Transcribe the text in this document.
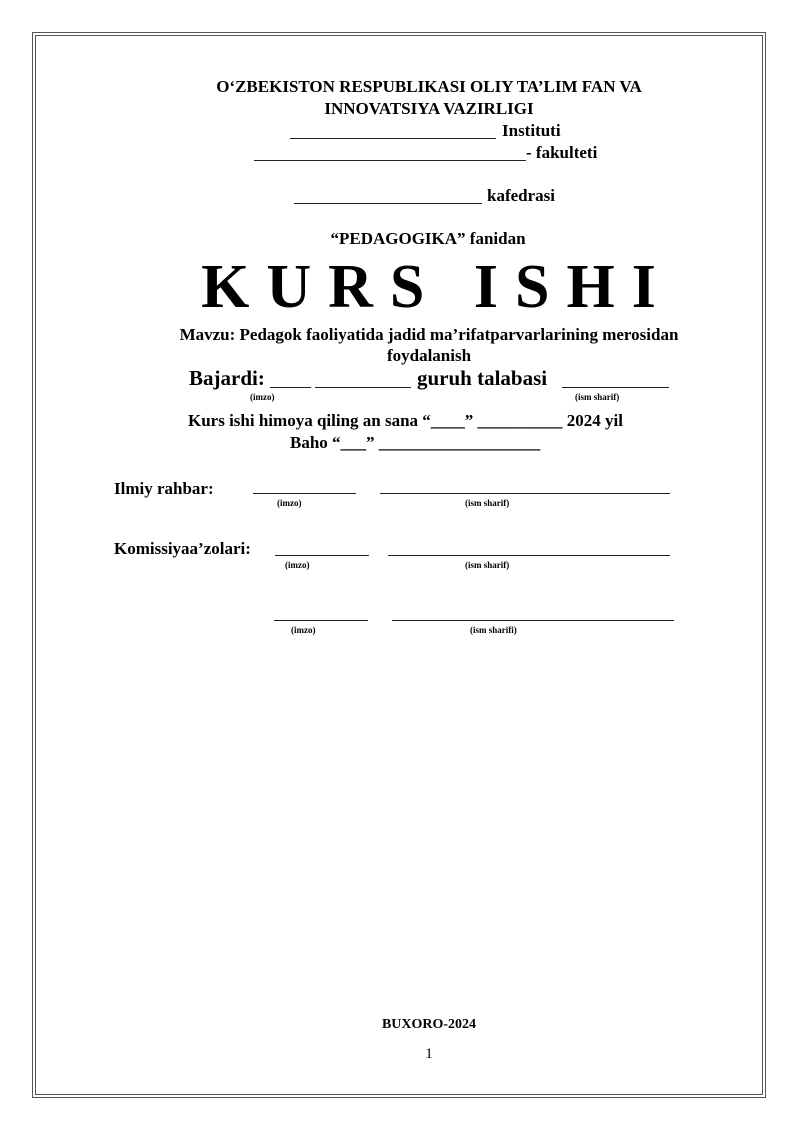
O‘ZBEKISTON RESPUBLIKASI OLIY TA’LIM FAN VA
INNOVATSIYA VAZIRLIGI
Instituti
- fakulteti
kafedrasi
“PEDAGOGIKA” fanidan
KURS ISHI
Mavzu: Pedagok faoliyatida jadid ma’rifatparvarlarining merosidan
foydalanish
Bajardi:	guruh talabasi
(imzo)	(ism sharif)
Kurs ishi himoya qiling an sana “____” __________ 2024 yil
Baho “___” ___________________
Ilmiy rahbar:
(imzo)	(ism sharif)
Komissiyaa’zolari:
(imzo)	(ism sharif)
(imzo)	(ism sharifi)
BUXORO-2024
1
